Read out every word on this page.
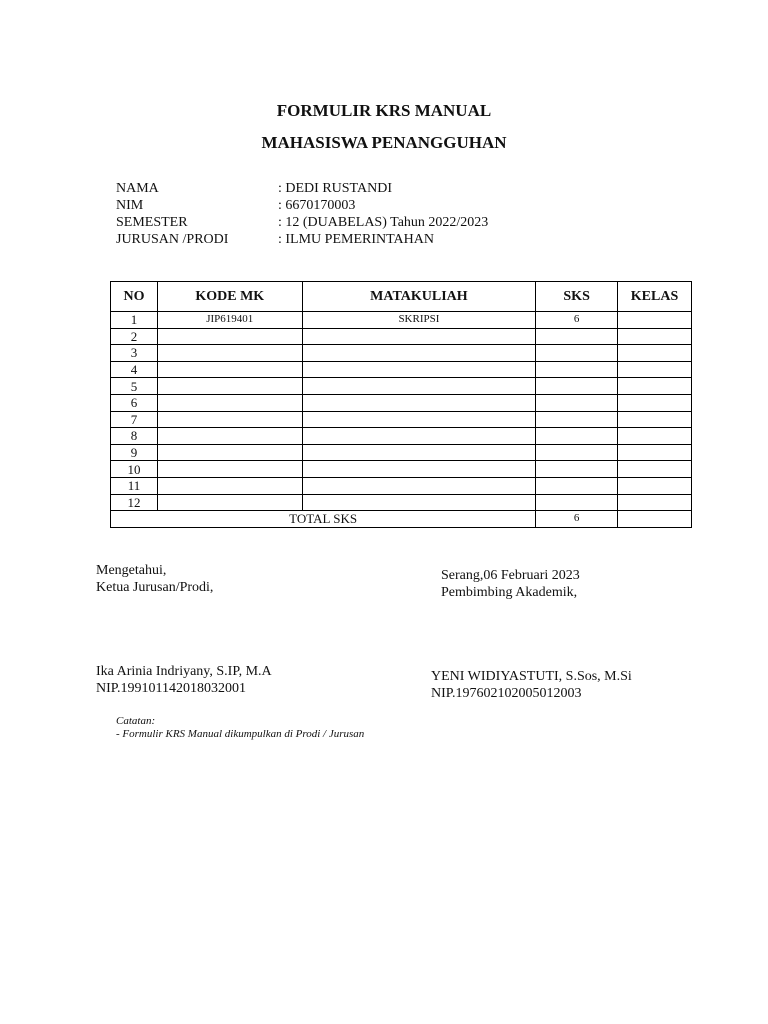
FORMULIR KRS MANUAL
MAHASISWA PENANGGUHAN
NAMA	: DEDI RUSTANDI
NIM	: 6670170003
SEMESTER	: 12 (DUABELAS) Tahun 2022/2023
JURUSAN /PRODI	: ILMU PEMERINTAHAN
NO	KODE MK	MATAKULIAH	SKS	KELAS
1	JIP619401	SKRIPSI	6	
2				
3				
4				
5				
6				
7				
8				
9				
10				
11				
12				
TOTAL SKS			6	
Mengetahui,
Ketua Jurusan/Prodi,
Ika Arinia Indriyany, S.IP, M.A
NIP.199101142018032001
Serang,06 Februari 2023
Pembimbing Akademik,
YENI WIDIYASTUTI, S.Sos, M.Si
NIP.197602102005012003
Catatan:
- Formulir KRS Manual dikumpulkan di Prodi / Jurusan
